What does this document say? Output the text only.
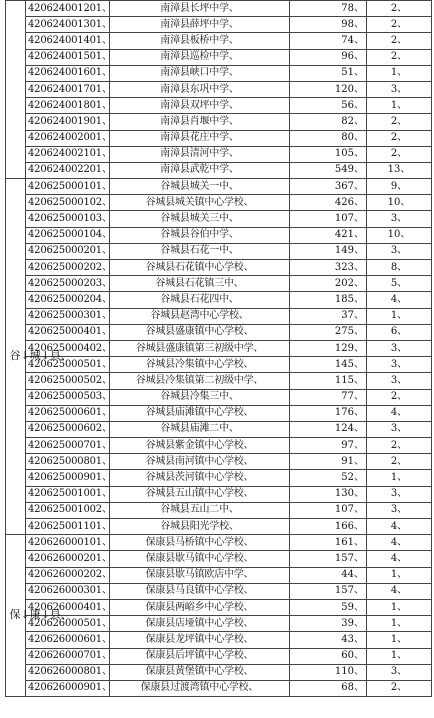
	420624001201、	南漳县长坪中学、	78、	2、
	420624001301、	南漳县薛坪中学、	98、	2、
	420624001401、	南漳县板桥中学、	74、	2、
	420624001501、	南漳县巡检中学、	96、	2、
	420624001601、	南漳县峡口中学、	51、	1、
	420624001701、	南漳县东巩中学、	120、	3、
	420624001801、	南漳县双坪中学、	56、	1、
	420624001901、	南漳县肖堰中学、	82、	2、
	420624002001、	南漳县花庄中学、	80、	2、
	420624002101、	南漳县清河中学、	105、	2、
	420624002201、	南漳县武乾中学、	549、	13、
谷↓城↓县、	420625000101、	谷城县城关一中、	367、	9、
	420625000102、	谷城县城关镇中心学校、	426、	10、
	420625000103、	谷城县城关三中、	107、	3、
	420625000104、	谷城县谷伯中学、	421、	10、
	420625000201、	谷城县石花一中、	149、	3、
	420625000202、	谷城县石花镇中心学校、	323、	8、
	420625000203、	谷城县石花镇三中、	202、	5、
	420625000204、	谷城县石花四中、	185、	4、
	420625000301、	谷城县赵湾中心学校、	37、	1、
	420625000401、	谷城县盛康镇中心学校、	275、	6、
	420625000402、	谷城县盛康镇第三初级中学、	129、	3、
	420625000501、	谷城县冷集镇中心学校、	145、	3、
	420625000502、	谷城县冷集镇第二初级中学、	115、	3、
	420625000503、	谷城县冷集三中、	77、	2、
	420625000601、	谷城县庙滩镇中心学校、	176、	4、
	420625000602、	谷城县庙滩二中、	124、	3、
	420625000701、	谷城县紫金镇中心学校、	97、	2、
	420625000801、	谷城县南河镇中心学校、	91、	2、
	420625000901、	谷城县茨河镇中心学校、	52、	1、
	420625001001、	谷城县五山镇中心学校、	130、	3、
	420625001002、	谷城县五山二中、	107、	3、
	420625001101、	谷城县阳光学校、	166、	4、
保↓康↓县、	420626000101、	保康县马桥镇中心学校、	161、	4、
	420626000201、	保康县歇马镇中心学校、	157、	4、
	420626000202、	保康县歇马镇欧店中学、	44、	1、
	420626000301、	保康县马良镇中心学校、	157、	4、
	420626000401、	保康县两峪乡中心学校、	59、	1、
	420626000501、	保康县店垭镇中心学校、	39、	1、
	420626000601、	保康县龙坪镇中心学校、	43、	1、
	420626000701、	保康县后坪镇中心学校、	60、	1、
	420626000801、	保康县黄堡镇中心学校、	110、	3、
	420626000901、	保康县过渡湾镇中心学校、	68、	2、
